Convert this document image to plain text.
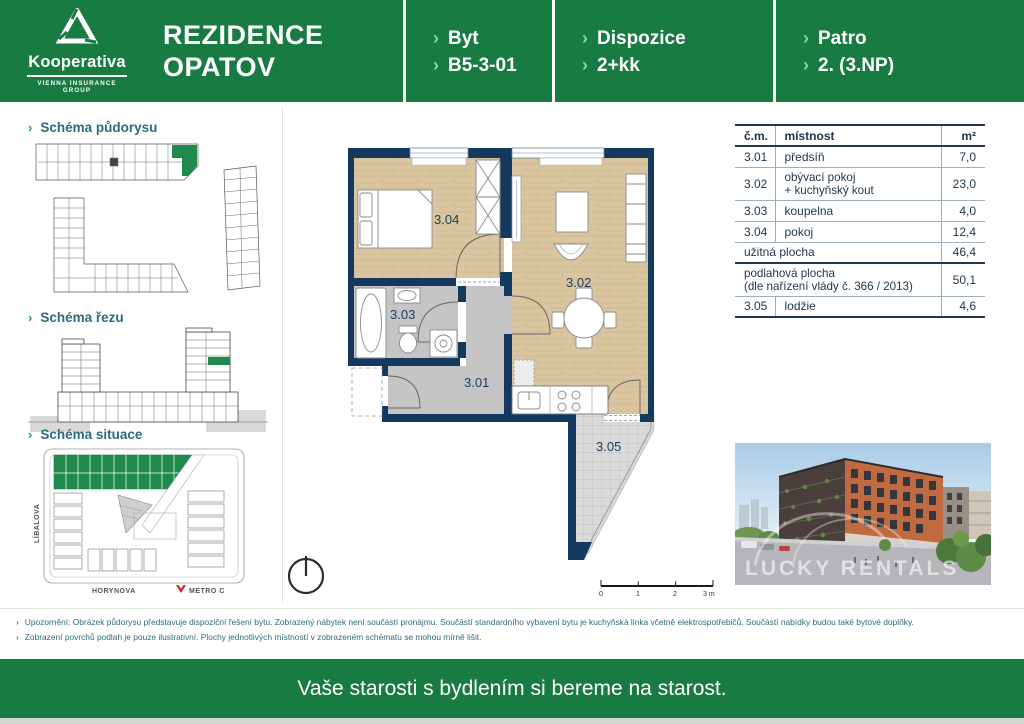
Kooperativa
VIENNA INSURANCE GROUP
REZIDENCE
OPATOV
› Byt
› B5-3-01
› Dispozice
› 2+kk
› Patro
› 2. (3.NP)
› Schéma půdorysu
› Schéma řezu
› Schéma situace
LÍBALOVA
HORYNOVA	METRO C
3.04
3.02
3.03
3.01
3.05
0	1	2	3 m
č.m.	místnost	m²
3.01	předsíň	7,0
3.02	obývací pokoj
+ kuchyňský kout	23,0
3.03	koupelna	4,0
3.04	pokoj	12,4
užitná plocha		46,4
podlahová plocha
(dle nařízení vlády č. 366 / 2013)		50,1
3.05	lodžie	4,6
LUCKY RENTALS
› Upozornění: Obrázek půdorysu představuje dispoziční řešení bytu. Zobrazený nábytek není součástí pronájmu. Součástí standardního vybavení bytu je kuchyňská linka včetně elektrospotřebičů. Součástí nabídky budou také bytové doplňky.
› Zobrazení povrchů podlah je pouze ilustrativní. Plochy jednotlivých místností v zobrazeném schématu se mohou mírně lišit.
Vaše starosti s bydlením si bereme na starost.
